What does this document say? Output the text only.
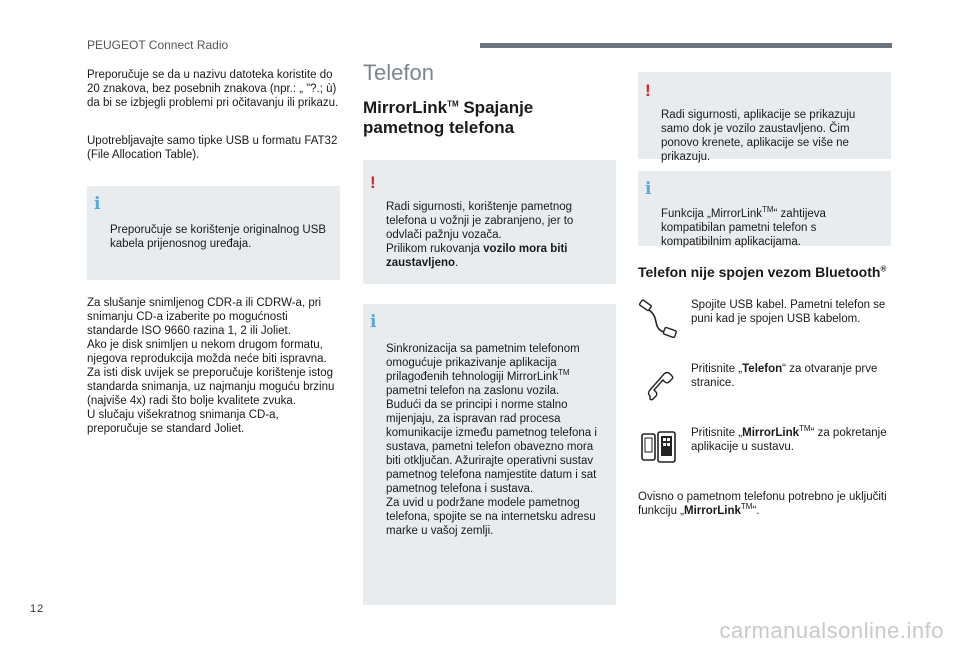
PEUGEOT Connect Radio

Preporučuje se da u nazivu datoteka koristite do 20 znakova, bez posebnih znakova (npr.: „ ”?.; ù) da bi se izbjegli problemi pri očitavanju ili prikazu.

Upotrebljavajte samo tipke USB u formatu FAT32 (File Allocation Table).

i

Preporučuje se korištenje originalnog USB kabela prijenosnog uređaja.

Za slušanje snimljenog CDR-a ili CDRW-a, pri snimanju CD-a izaberite po mogućnosti standarde ISO 9660 razina 1, 2 ili Joliet.
Ako je disk snimljen u nekom drugom formatu, njegova reprodukcija možda neće biti ispravna.
Za isti disk uvijek se preporučuje korištenje istog standarda snimanja, uz najmanju moguću brzinu (najviše 4x) radi što bolje kvalitete zvuka.
U slučaju višekratnog snimanja CD-a, preporučuje se standard Joliet.

Telefon
MirrorLink™ Spajanje pametnog telefona

!

Radi sigurnosti, korištenje pametnog telefona u vožnji je zabranjeno, jer to odvlači pažnju vozača.
Prilikom rukovanja vozilo mora biti zaustavljeno.

i

Sinkronizacija sa pametnim telefonom omogućuje prikazivanje aplikacija prilagođenih tehnologiji MirrorLink™
pametni telefon na zaslonu vozila.
Budući da se principi i norme stalno mijenjaju, za ispravan rad procesa komunikacije između pametnog telefona i sustava, pametni telefon obavezno mora biti otključan. Ažurirajte operativni sustav pametnog telefona namjestite datum i sat pametnog telefona i sustava.
Za uvid u podržane modele pametnog telefona, spojite se na internetsku adresu marke u vašoj zemlji.

!

Radi sigurnosti, aplikacije se prikazuju samo dok je vozilo zaustavljeno. Čim ponovo krenete, aplikacije se više ne prikazuju.

i

Funkcija „MirrorLink™“ zahtijeva kompatibilan pametni telefon s kompatibilnim aplikacijama.

Telefon nije spojen vezom Bluetooth®
Spojite USB kabel. Pametni telefon se puni kad je spojen USB kabelom.
Pritisnite „Telefon“ za otvaranje prve stranice.
Pritisnite „MirrorLink™“ za pokretanje aplikacije u sustavu.

Ovisno o pametnom telefonu potrebno je uključiti funkciju „MirrorLink™“.

12
carmanualsonline.info
